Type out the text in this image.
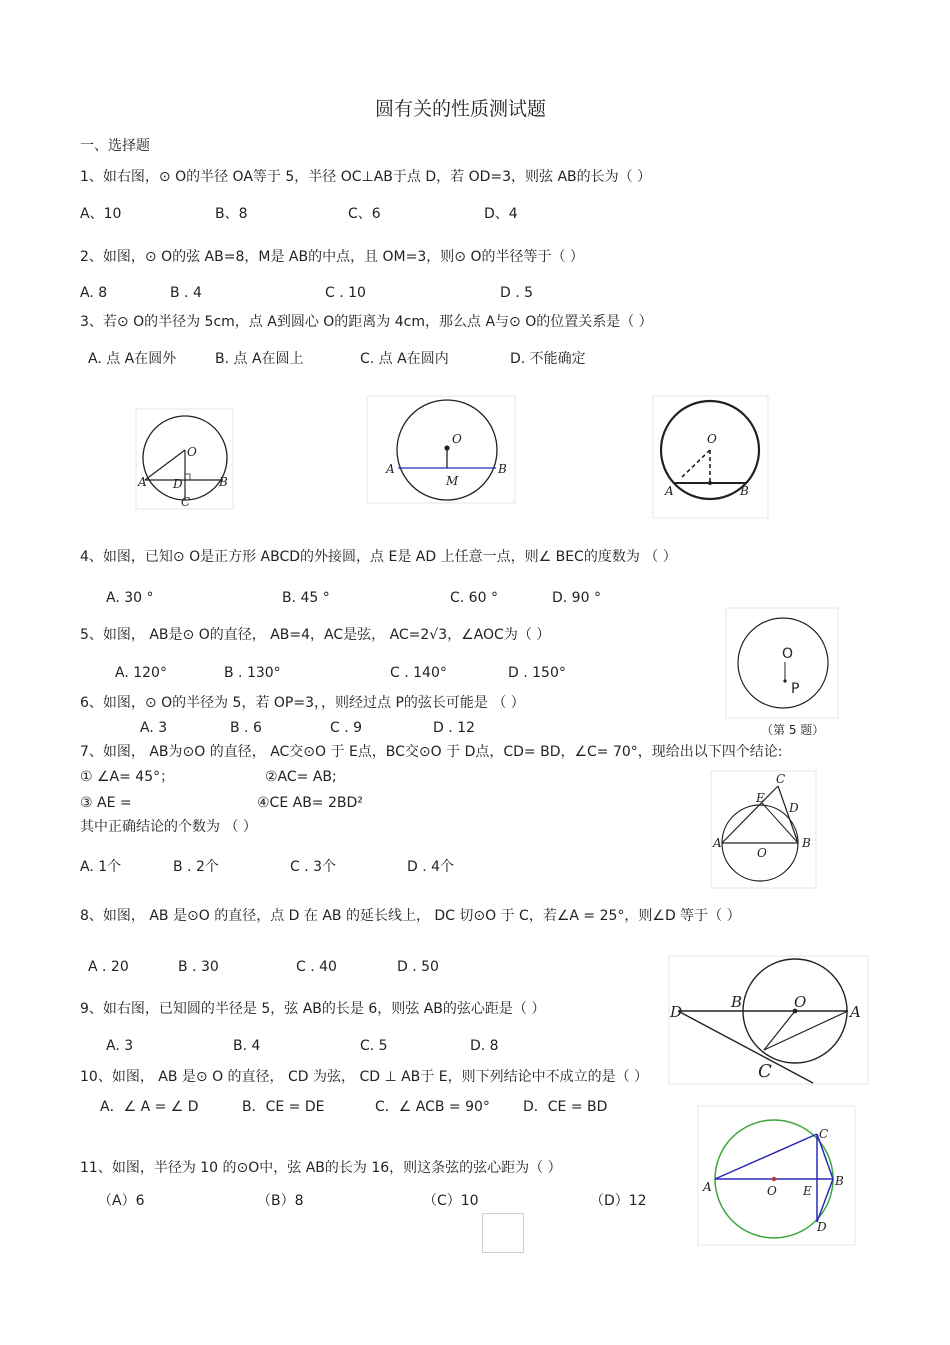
圆有关的性质测试题
一、选择题
1、如右图，⊙ O的半径 OA等于 5，半径 OC⊥AB于点 D，若 OD=3，则弦 AB的长为（ ）
A、10	B、8	C、6	D、4
2、如图，⊙ O的弦 AB=8，M是 AB的中点，且 OM=3，则⊙ O的半径等于（ ）
A. 8	B . 4	C . 10	D . 5
3、若⊙ O的半径为 5cm，点 A到圆心 O的距离为 4cm，那么点 A与⊙ O的位置关系是（ ）
A. 点 A在圆外	B. 点 A在圆上	C. 点 A在圆内	D. 不能确定
A	B
D
C
O
A	B
M
O
A	B
O
4、如图，已知⊙ O是正方形 ABCD的外接圆，点 E是 AD 上任意一点，则∠ BEC的度数为 （ ）
A. 30 °	B. 45 °	C. 60 °	D. 90 °
O
P
（第 5 题）
5、如图， AB是⊙ O的直径， AB=4，AC是弦， AC=2√3，∠AOC为（ ）
A. 120°	B . 130°	C . 140°	D . 150°
6、如图，⊙ O的半径为 5，若 OP=3，，则经过点 P的弦长可能是 （ ）
A. 3	B . 6	C . 9	D . 12
7、如图， AB为⊙O 的直径， AC交⊙O 于 E点，BC交⊙O 于 D点，CD= BD，∠C= 70°，现给出以下四个结论:
① ∠A= 45°；	②AC= AB;
③ AE =	④CE AB= 2BD²
其中正确结论的个数为 （ ）
A. 1个	B . 2个	C . 3个	D . 4个
A	B
C
D
E
O
8、如图， AB 是⊙O 的直径，点 D 在 AB 的延长线上， DC 切⊙O 于 C，若∠A = 25°，则∠D 等于（ ）
A . 20	B . 30	C . 40	D . 50
D
B	O
A
C
9、如右图，已知圆的半径是 5，弦 AB的长是 6，则弦 AB的弦心距是（ ）
A. 3	B. 4	C. 5	D. 8
10、如图， AB 是⊙ O 的直径， CD 为弦， CD ⊥ AB于 E，则下列结论中不成立的是（ ）
A．∠ A = ∠ D	B．CE = DE	C．∠ ACB = 90° D．CE = BD
A	B
C
D
E
O
11、如图，半径为 10 的⊙O中，弦 AB的长为 16，则这条弦的弦心距为（ ）
（A）6	（B）8	（C）10	（D）12
